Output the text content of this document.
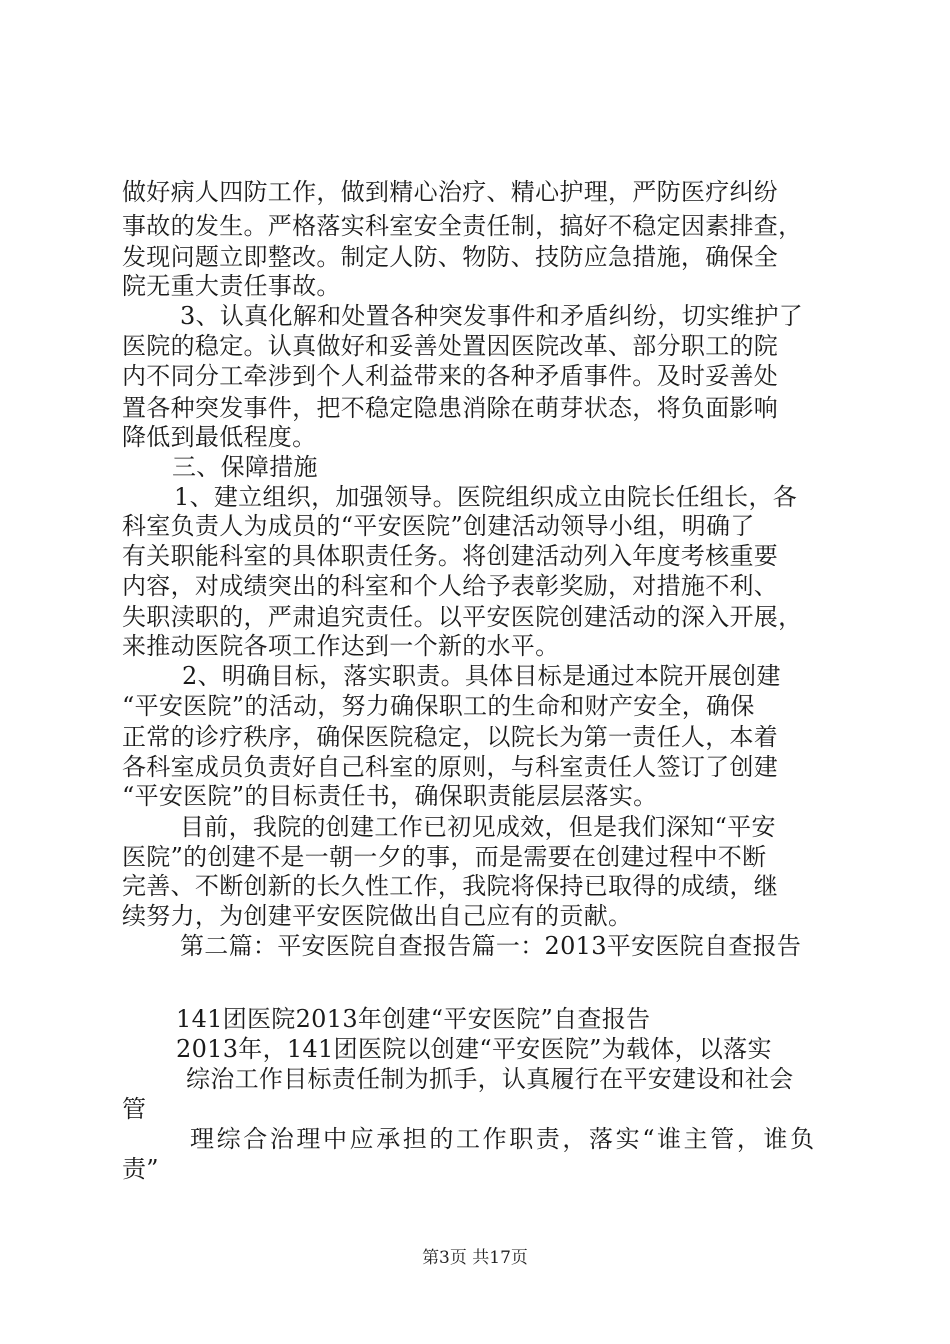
做好病人四防工作，做到精心治疗、精心护理，严防医疗纠纷
事故的发生。严格落实科室安全责任制，搞好不稳定因素排查，
发现问题立即整改。制定人防、物防、技防应急措施，确保全
院无重大责任事故。
3、认真化解和处置各种突发事件和矛盾纠纷，切实维护了
医院的稳定。认真做好和妥善处置因医院改革、部分职工的院
内不同分工牵涉到个人利益带来的各种矛盾事件。及时妥善处
置各种突发事件，把不稳定隐患消除在萌芽状态，将负面影响
降低到最低程度。
三、保障措施
1、建立组织，加强领导。医院组织成立由院长任组长，各
科室负责人为成员的“平安医院”创建活动领导小组，明确了
有关职能科室的具体职责任务。将创建活动列入年度考核重要
内容，对成绩突出的科室和个人给予表彰奖励，对措施不利、
失职渎职的，严肃追究责任。以平安医院创建活动的深入开展，
来推动医院各项工作达到一个新的水平。
2、明确目标，落实职责。具体目标是通过本院开展创建
“平安医院”的活动，努力确保职工的生命和财产安全，确保
正常的诊疗秩序，确保医院稳定，以院长为第一责任人，本着
各科室成员负责好自己科室的原则，与科室责任人签订了创建
“平安医院”的目标责任书，确保职责能层层落实。
目前，我院的创建工作已初见成效，但是我们深知“平安
医院”的创建不是一朝一夕的事，而是需要在创建过程中不断
完善、不断创新的长久性工作，我院将保持已取得的成绩，继
续努力，为创建平安医院做出自己应有的贡献。
第二篇：平安医院自查报告篇一：2013平安医院自查报告
141团医院2013年创建“平安医院”自查报告
2013年，141团医院以创建“平安医院”为载体，以落实
综治工作目标责任制为抓手，认真履行在平安建设和社会
管
理综合治理中应承担的工作职责，落实“谁主管，谁负
责”
第3页 共17页
